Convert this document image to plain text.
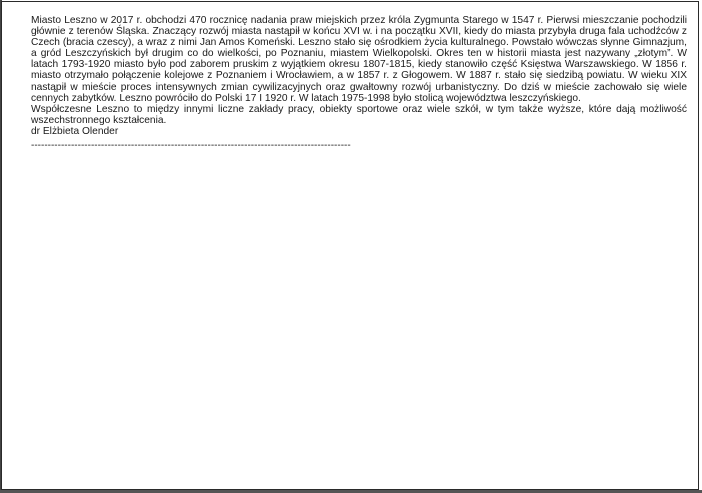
Miasto Leszno w 2017 r. obchodzi 470 rocznicę nadania praw miejskich przez króla Zygmunta Starego w 1547 r. Pierwsi mieszczanie pochodzili głównie z terenów Śląska. Znaczący rozwój miasta nastąpił w końcu XVI w. i na początku XVII, kiedy do miasta przybyła druga fala uchodźców z Czech (bracia czescy), a wraz z nimi Jan Amos Komeński. Leszno stało się ośrodkiem życia kulturalnego. Powstało wówczas słynne Gimnazjum, a gród Leszczyńskich był drugim co do wielkości, po Poznaniu, miastem Wielkopolski. Okres ten w historii miasta jest nazywany „złotym”. W latach 1793-1920 miasto było pod zaborem pruskim z wyjątkiem okresu 1807-1815, kiedy stanowiło część Księstwa Warszawskiego. W 1856 r. miasto otrzymało połączenie kolejowe z Poznaniem i Wrocławiem, a w 1857 r. z Głogowem. W 1887 r. stało się siedzibą powiatu. W wieku XIX nastąpił w mieście proces intensywnych zmian cywilizacyjnych oraz gwałtowny rozwój urbanistyczny. Do dziś w mieście zachowało się wiele cennych zabytków. Leszno powróciło do Polski 17 I 1920 r. W latach 1975-1998 było stolicą województwa leszczyńskiego.

Współczesne Leszno to między innymi liczne zakłady pracy, obiekty sportowe oraz wiele szkół, w tym także wyższe, które dają możliwość wszechstronnego kształcenia.

dr Elżbieta Olender

------------------------------------------------------------------------------------------------
